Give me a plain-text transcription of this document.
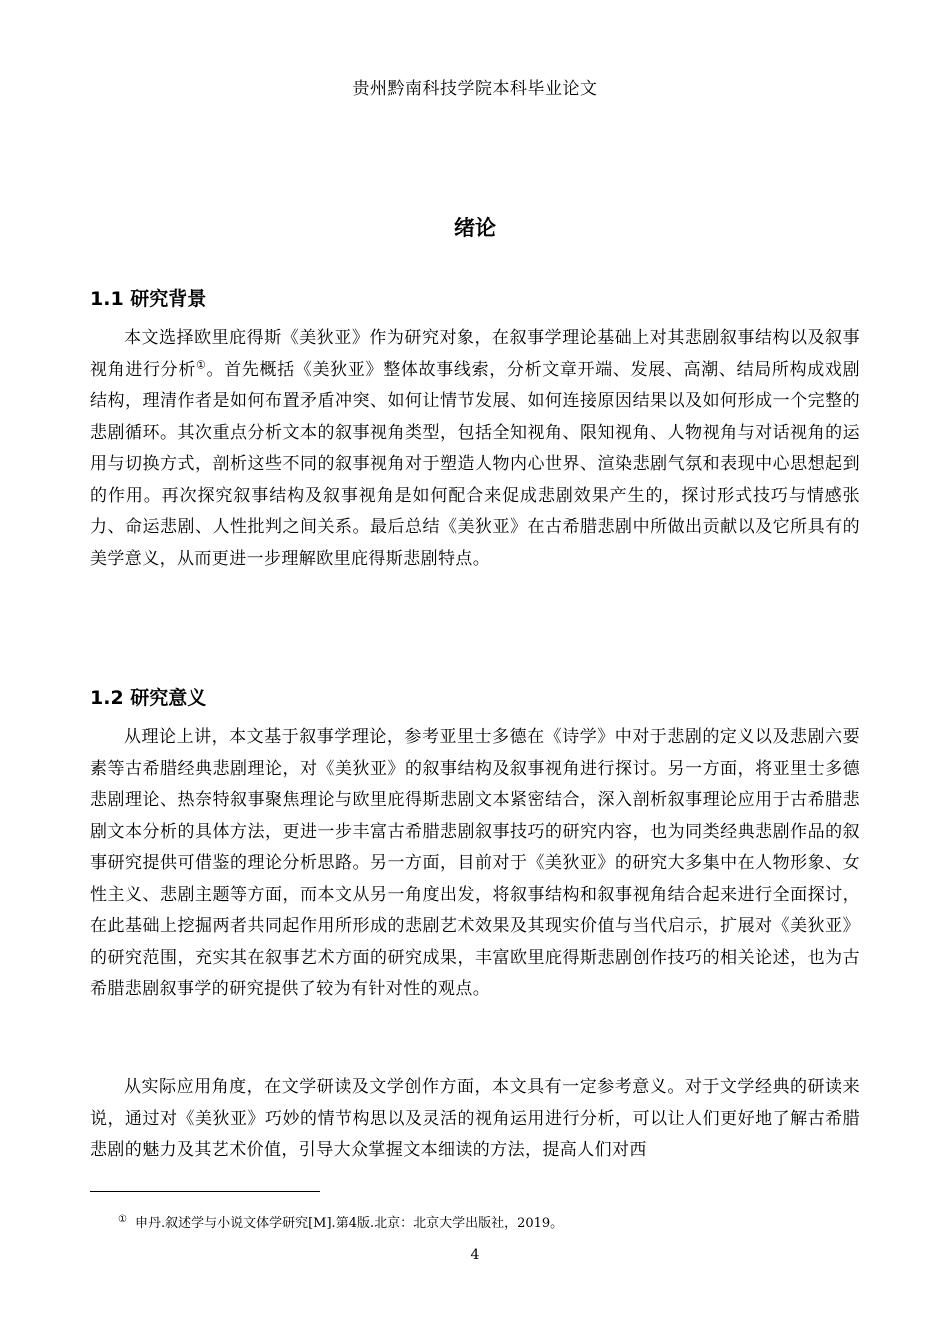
贵州黔南科技学院本科毕业论文
绪论
1.1 研究背景

本文选择欧里庇得斯《美狄亚》作为研究对象，在叙事学理论基础上对其悲剧叙事结构以及叙事视角进行分析①。首先概括《美狄亚》整体故事线索，分析文章开端、发展、高潮、结局所构成戏剧结构，理清作者是如何布置矛盾冲突、如何让情节发展、如何连接原因结果以及如何形成一个完整的悲剧循环。其次重点分析文本的叙事视角类型，包括全知视角、限知视角、人物视角与对话视角的运用与切换方式，剖析这些不同的叙事视角对于塑造人物内心世界、渲染悲剧气氛和表现中心思想起到的作用。再次探究叙事结构及叙事视角是如何配合来促成悲剧效果产生的，探讨形式技巧与情感张力、命运悲剧、人性批判之间关系。最后总结《美狄亚》在古希腊悲剧中所做出贡献以及它所具有的美学意义，从而更进一步理解欧里庇得斯悲剧特点。

1.2 研究意义

从理论上讲，本文基于叙事学理论，参考亚里士多德在《诗学》中对于悲剧的定义以及悲剧六要素等古希腊经典悲剧理论，对《美狄亚》的叙事结构及叙事视角进行探讨。另一方面，将亚里士多德悲剧理论、热奈特叙事聚焦理论与欧里庇得斯悲剧文本紧密结合，深入剖析叙事理论应用于古希腊悲剧文本分析的具体方法，更进一步丰富古希腊悲剧叙事技巧的研究内容，也为同类经典悲剧作品的叙事研究提供可借鉴的理论分析思路。另一方面，目前对于《美狄亚》的研究大多集中在人物形象、女性主义、悲剧主题等方面，而本文从另一角度出发，将叙事结构和叙事视角结合起来进行全面探讨，在此基础上挖掘两者共同起作用所形成的悲剧艺术效果及其现实价值与当代启示，扩展对《美狄亚》的研究范围，充实其在叙事艺术方面的研究成果，丰富欧里庇得斯悲剧创作技巧的相关论述，也为古希腊悲剧叙事学的研究提供了较为有针对性的观点。

从实际应用角度，在文学研读及文学创作方面，本文具有一定参考意义。对于文学经典的研读来说，通过对《美狄亚》巧妙的情节构思以及灵活的视角运用进行分析，可以让人们更好地了解古希腊悲剧的魅力及其艺术价值，引导大众掌握文本细读的方法，提高人们对西

① 申丹.叙述学与小说文体学研究[M].第4版.北京：北京大学出版社，2019。
4
